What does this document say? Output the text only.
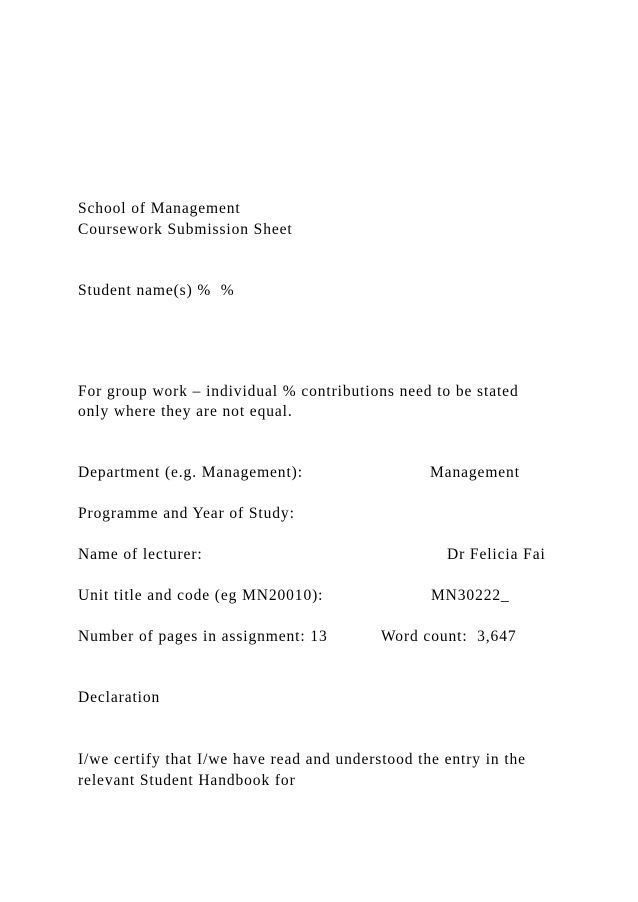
School of Management
Coursework Submission Sheet
Student name(s) %  %
For group work – individual % contributions need to be stated
only where they are not equal.
Department (e.g. Management):	Management
Programme and Year of Study:
Name of lecturer:	Dr Felicia Fai
Unit title and code (eg MN20010):	MN30222_
Number of pages in assignment: 13	Word count:  3,647
Declaration
I/we certify that I/we have read and understood the entry in the
relevant Student Handbook for
